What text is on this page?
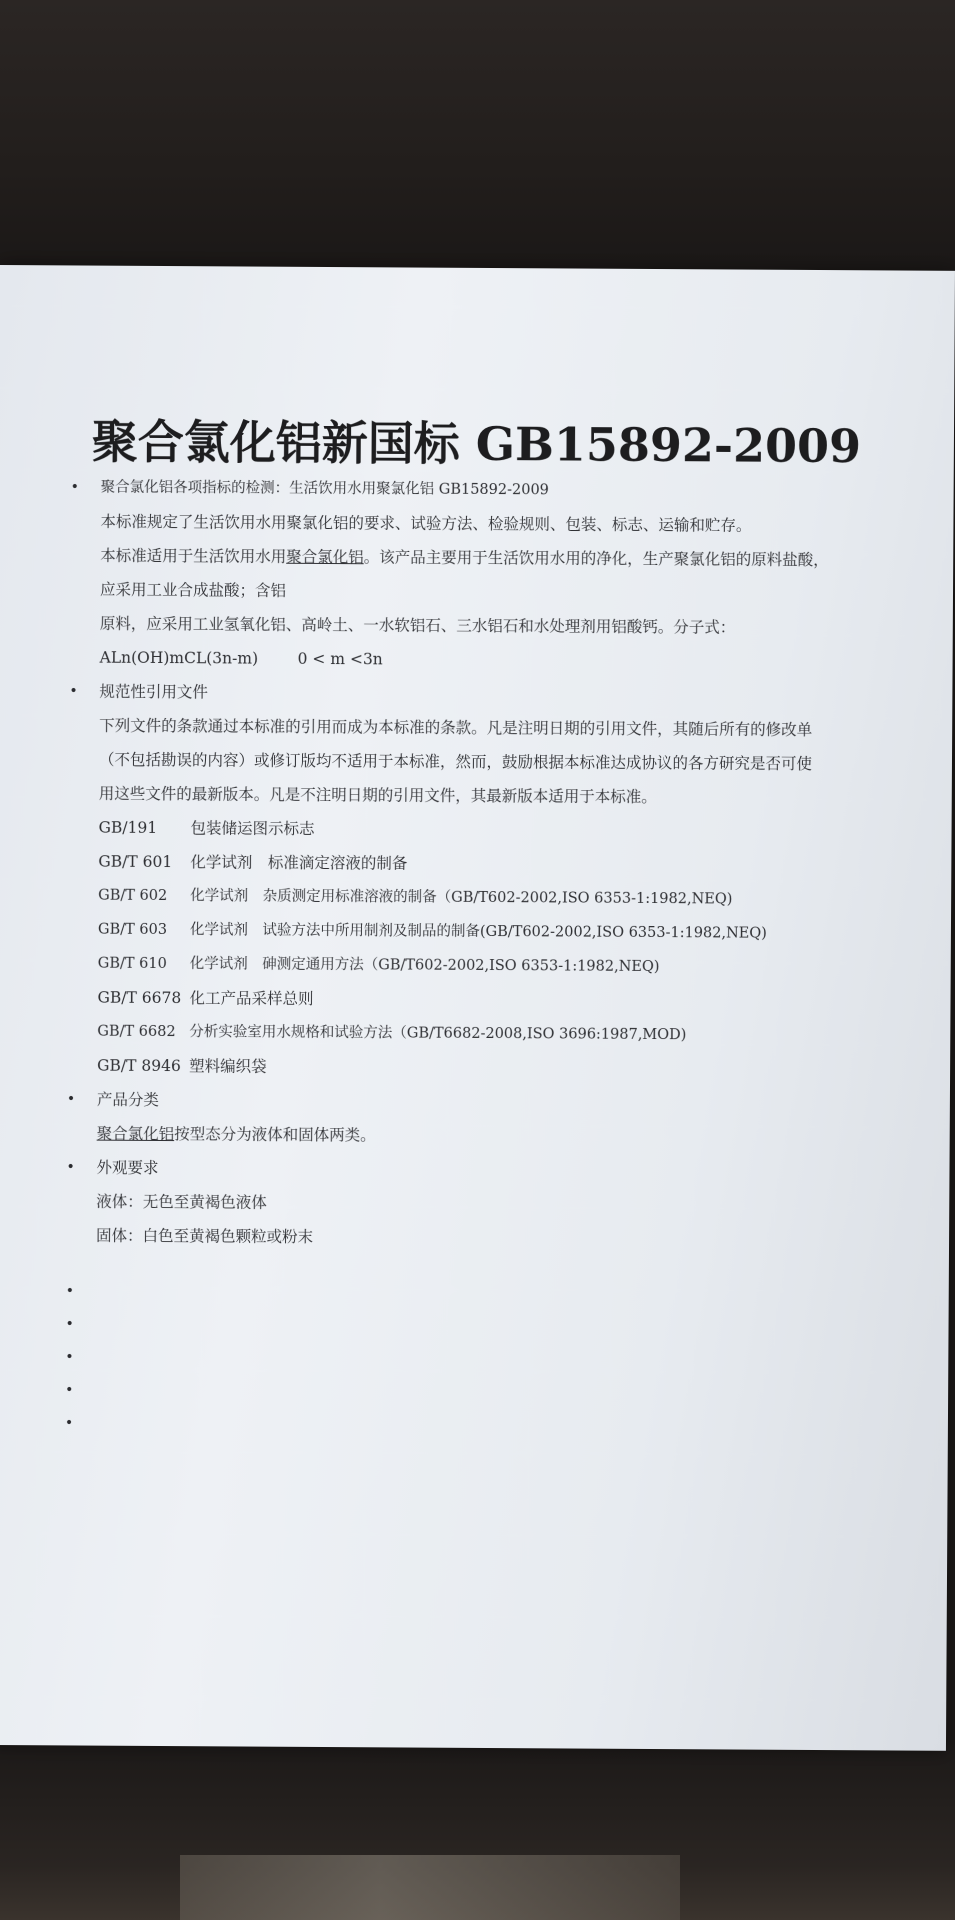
聚合氯化铝新国标 GB15892-2009
• 聚合氯化铝各项指标的检测：生活饮用水用聚氯化铝 GB15892-2009
本标准规定了生活饮用水用聚氯化铝的要求、试验方法、检验规则、包装、标志、运输和贮存。
本标准适用于生活饮用水用聚合氯化铝。该产品主要用于生活饮用水用的净化，生产聚氯化铝的原料盐酸，
应采用工业合成盐酸；含铝
原料，应采用工业氢氧化铝、高岭土、一水软铝石、三水铝石和水处理剂用铝酸钙。分子式：
ALn(OH)mCL(3n-m)	0 < m <3n
• 规范性引用文件
下列文件的条款通过本标准的引用而成为本标准的条款。凡是注明日期的引用文件，其随后所有的修改单
（不包括勘误的内容）或修订版均不适用于本标准，然而，鼓励根据本标准达成协议的各方研究是否可使
用这些文件的最新版本。凡是不注明日期的引用文件，其最新版本适用于本标准。
GB/191 包装储运图示标志
GB/T 601 化学试剂　标准滴定溶液的制备
GB/T 602 化学试剂　杂质测定用标准溶液的制备（GB/T602-2002,ISO 6353-1:1982,NEQ)
GB/T 603 化学试剂　试验方法中所用制剂及制品的制备(GB/T602-2002,ISO 6353-1:1982,NEQ)
GB/T 610 化学试剂　砷测定通用方法（GB/T602-2002,ISO 6353-1:1982,NEQ)
GB/T 6678 化工产品采样总则
GB/T 6682 分析实验室用水规格和试验方法（GB/T6682-2008,ISO 3696:1987,MOD)
GB/T 8946 塑料编织袋
• 产品分类
聚合氯化铝按型态分为液体和固体两类。
• 外观要求
液体：无色至黄褐色液体
固体：白色至黄褐色颗粒或粉末
•
•
•
•
•
